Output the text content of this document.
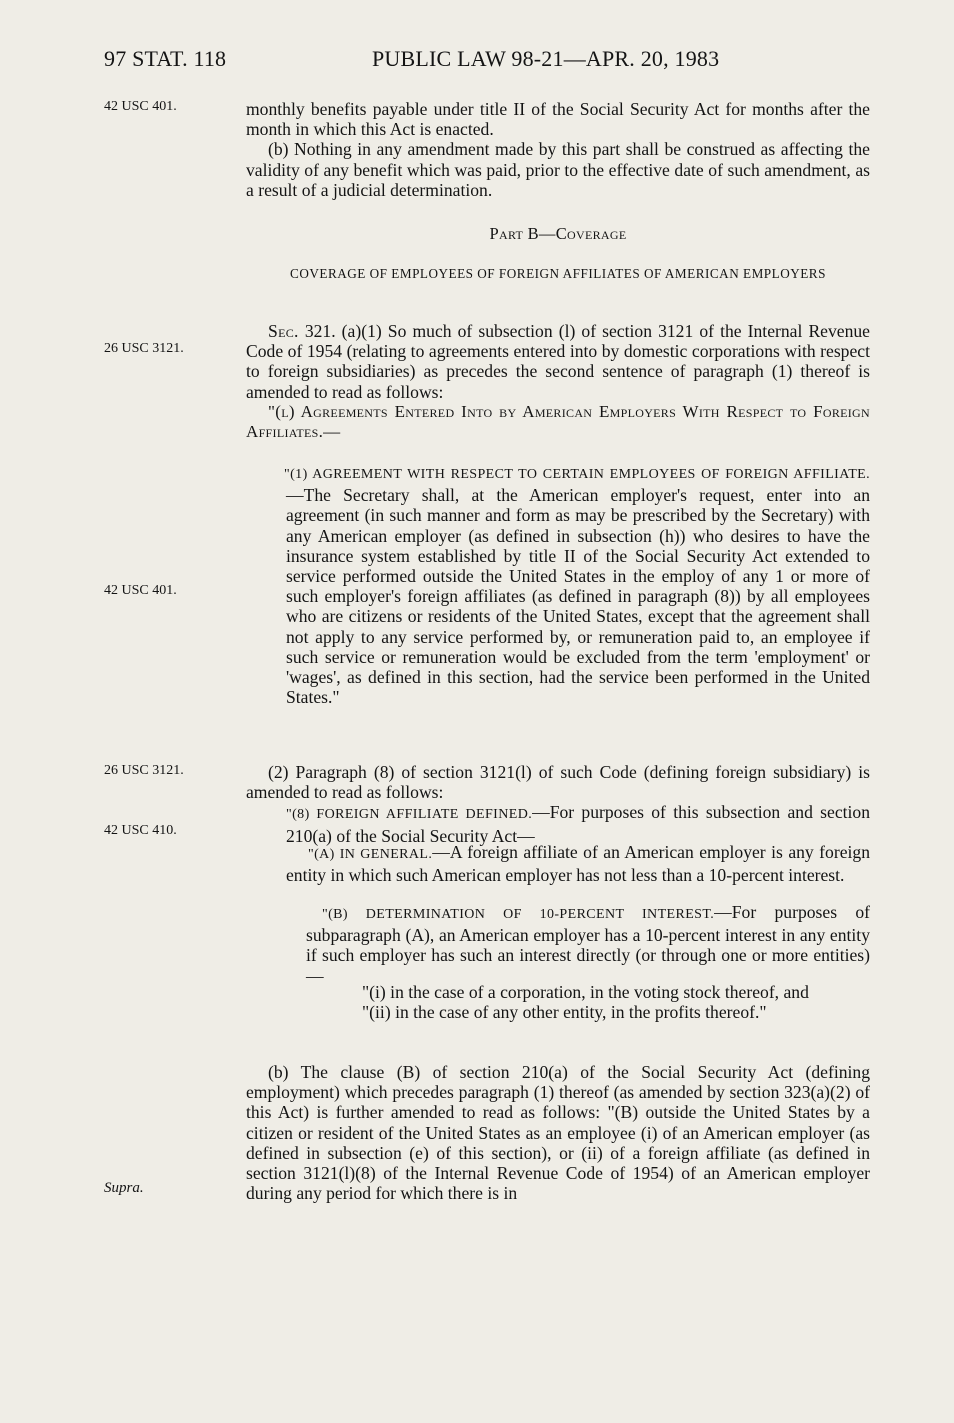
97 STAT. 118	PUBLIC LAW 98-21—APR. 20, 1983
42 USC 401.
26 USC 3121.
42 USC 401.
26 USC 3121.
42 USC 410.
Supra.

monthly benefits payable under title II of the Social Security Act for months after the month in which this Act is enacted.

(b) Nothing in any amendment made by this part shall be construed as affecting the validity of any benefit which was paid, prior to the effective date of such amendment, as a result of a judicial determination.

Part B—Coverage
COVERAGE OF EMPLOYEES OF FOREIGN AFFILIATES OF AMERICAN EMPLOYERS

Sec. 321. (a)(1) So much of subsection (l) of section 3121 of the Internal Revenue Code of 1954 (relating to agreements entered into by domestic corporations with respect to foreign subsidiaries) as precedes the second sentence of paragraph (1) thereof is amended to read as follows:

"(l) Agreements Entered Into by American Employers With Respect to Foreign Affiliates.—

"(1) AGREEMENT WITH RESPECT TO CERTAIN EMPLOYEES OF FOREIGN AFFILIATE.—The Secretary shall, at the American employer's request, enter into an agreement (in such manner and form as may be prescribed by the Secretary) with any American employer (as defined in subsection (h)) who desires to have the insurance system established by title II of the Social Security Act extended to service performed outside the United States in the employ of any 1 or more of such employer's foreign affiliates (as defined in paragraph (8)) by all employees who are citizens or residents of the United States, except that the agreement shall not apply to any service performed by, or remuneration paid to, an employee if such service or remuneration would be excluded from the term 'employment' or 'wages', as defined in this section, had the service been performed in the United States."

(2) Paragraph (8) of section 3121(l) of such Code (defining foreign subsidiary) is amended to read as follows:

"(8) FOREIGN AFFILIATE DEFINED.—For purposes of this subsection and section 210(a) of the Social Security Act—

"(A) IN GENERAL.—A foreign affiliate of an American employer is any foreign entity in which such American employer has not less than a 10-percent interest.

"(B) DETERMINATION OF 10-PERCENT INTEREST.—For purposes of subparagraph (A), an American employer has a 10-percent interest in any entity if such employer has such an interest directly (or through one or more entities)—

"(i) in the case of a corporation, in the voting stock thereof, and

"(ii) in the case of any other entity, in the profits thereof."

(b) The clause (B) of section 210(a) of the Social Security Act (defining employment) which precedes paragraph (1) thereof (as amended by section 323(a)(2) of this Act) is further amended to read as follows: "(B) outside the United States by a citizen or resident of the United States as an employee (i) of an American employer (as defined in subsection (e) of this section), or (ii) of a foreign affiliate (as defined in section 3121(l)(8) of the Internal Revenue Code of 1954) of an American employer during any period for which there is in
